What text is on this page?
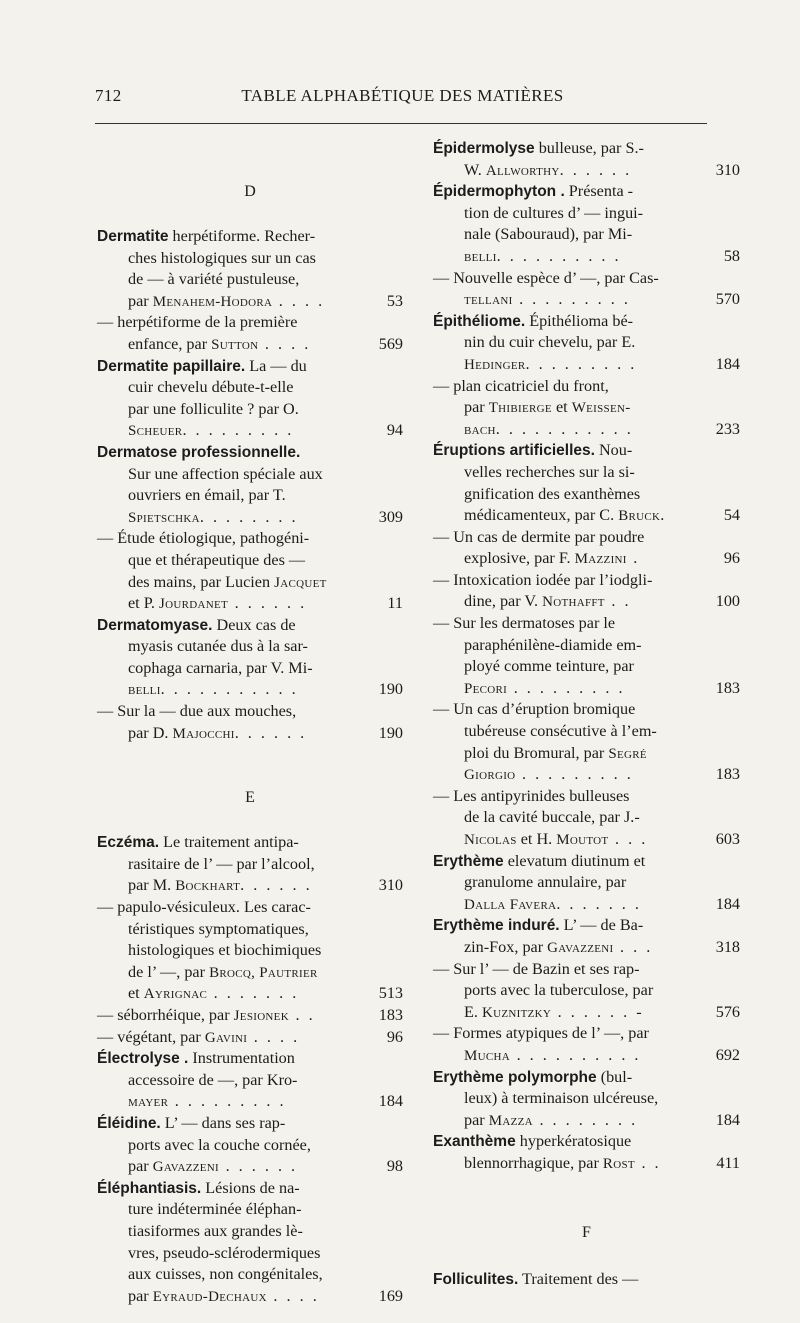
712	TABLE ALPHABÉTIQUE DES MATIÈRES
D
Dermatite herpétiforme. Recher-
ches histologiques sur un cas
de — à variété pustuleuse,
par Menahem-Hodora . . . .	53
— herpétiforme de la première
enfance, par Sutton . . . .	569
Dermatite papillaire. La — du
cuir chevelu débute-t-elle
par une folliculite ? par O.
Scheuer. . . . . . . . .	94
Dermatose professionnelle.
Sur une affection spéciale aux
ouvriers en émail, par T.
Spietschka. . . . . . . .	309
— Étude étiologique, pathogéni-
que et thérapeutique des —
des mains, par Lucien Jacquet
et P. Jourdanet . . . . . .	11
Dermatomyase. Deux cas de
myasis cutanée dus à la sar-
cophaga carnaria, par V. Mi-
belli. . . . . . . . . . .	190
— Sur la — due aux mouches,
par D. Majocchi. . . . . .	190
E
Eczéma. Le traitement antipa-
rasitaire de l’ — par l’alcool,
par M. Bockhart. . . . . .	310
— papulo-vésiculeux. Les carac-
téristiques symptomatiques,
histologiques et biochimiques
de l’ —, par Brocq, Pautrier
et Ayrignac . . . . . . .	513
— séborrhéique, par Jesionek . .	183
— végétant, par Gavini . . . .	96
Électrolyse . Instrumentation
accessoire de —, par Kro-
mayer . . . . . . . . .	184
Éléidine. L’ — dans ses rap-
ports avec la couche cornée,
par Gavazzeni . . . . . .	98
Éléphantiasis. Lésions de na-
ture indéterminée éléphan-
tiasiformes aux grandes lè-
vres, pseudo-sclérodermiques
aux cuisses, non congénitales,
par Eyraud-Dechaux . . . .	169
Épidermolyse bulleuse, par S.-
W. Allworthy. . . . . .	310
Épidermophyton . Présenta -
tion de cultures d’ — ingui-
nale (Sabouraud), par Mi-
belli. . . . . . . . . .	58
— Nouvelle espèce d’ —, par Cas-
tellani . . . . . . . . .	570
Épithéliome. Épithélioma bé-
nin du cuir chevelu, par E.
Hedinger. . . . . . . . .	184
— plan cicatriciel du front,
par Thibierge et Weissen-
bach. . . . . . . . . . .	233
Éruptions artificielles. Nou-
velles recherches sur la si-
gnification des exanthèmes
médicamenteux, par C. Bruck.	54
— Un cas de dermite par poudre
explosive, par F. Mazzini .	96
— Intoxication iodée par l’iodgli-
dine, par V. Nothafft . .	100
— Sur les dermatoses par le
paraphénilène-diamide em-
ployé comme teinture, par
Pecori . . . . . . . . .	183
— Un cas d’éruption bromique
tubéreuse consécutive à l’em-
ploi du Bromural, par Segré
Giorgio . . . . . . . . .	183
— Les antipyrinides bulleuses
de la cavité buccale, par J.-
Nicolas et H. Moutot . . .	603
Erythème elevatum diutinum et
granulome annulaire, par
Dalla Favera. . . . . . .	184
Erythème induré. L’ — de Ba-
zin-Fox, par Gavazzeni . . .	318
— Sur l’ — de Bazin et ses rap-
ports avec la tuberculose, par
E. Kuznitzky . . . . . . -	576
— Formes atypiques de l’ —, par
Mucha . . . . . . . . . .	692
Erythème polymorphe (bul-
leux) à terminaison ulcéreuse,
par Mazza . . . . . . . .	184
Exanthème hyperkératosique
blennorrhagique, par Rost . .	411
F
Folliculites. Traitement des —
